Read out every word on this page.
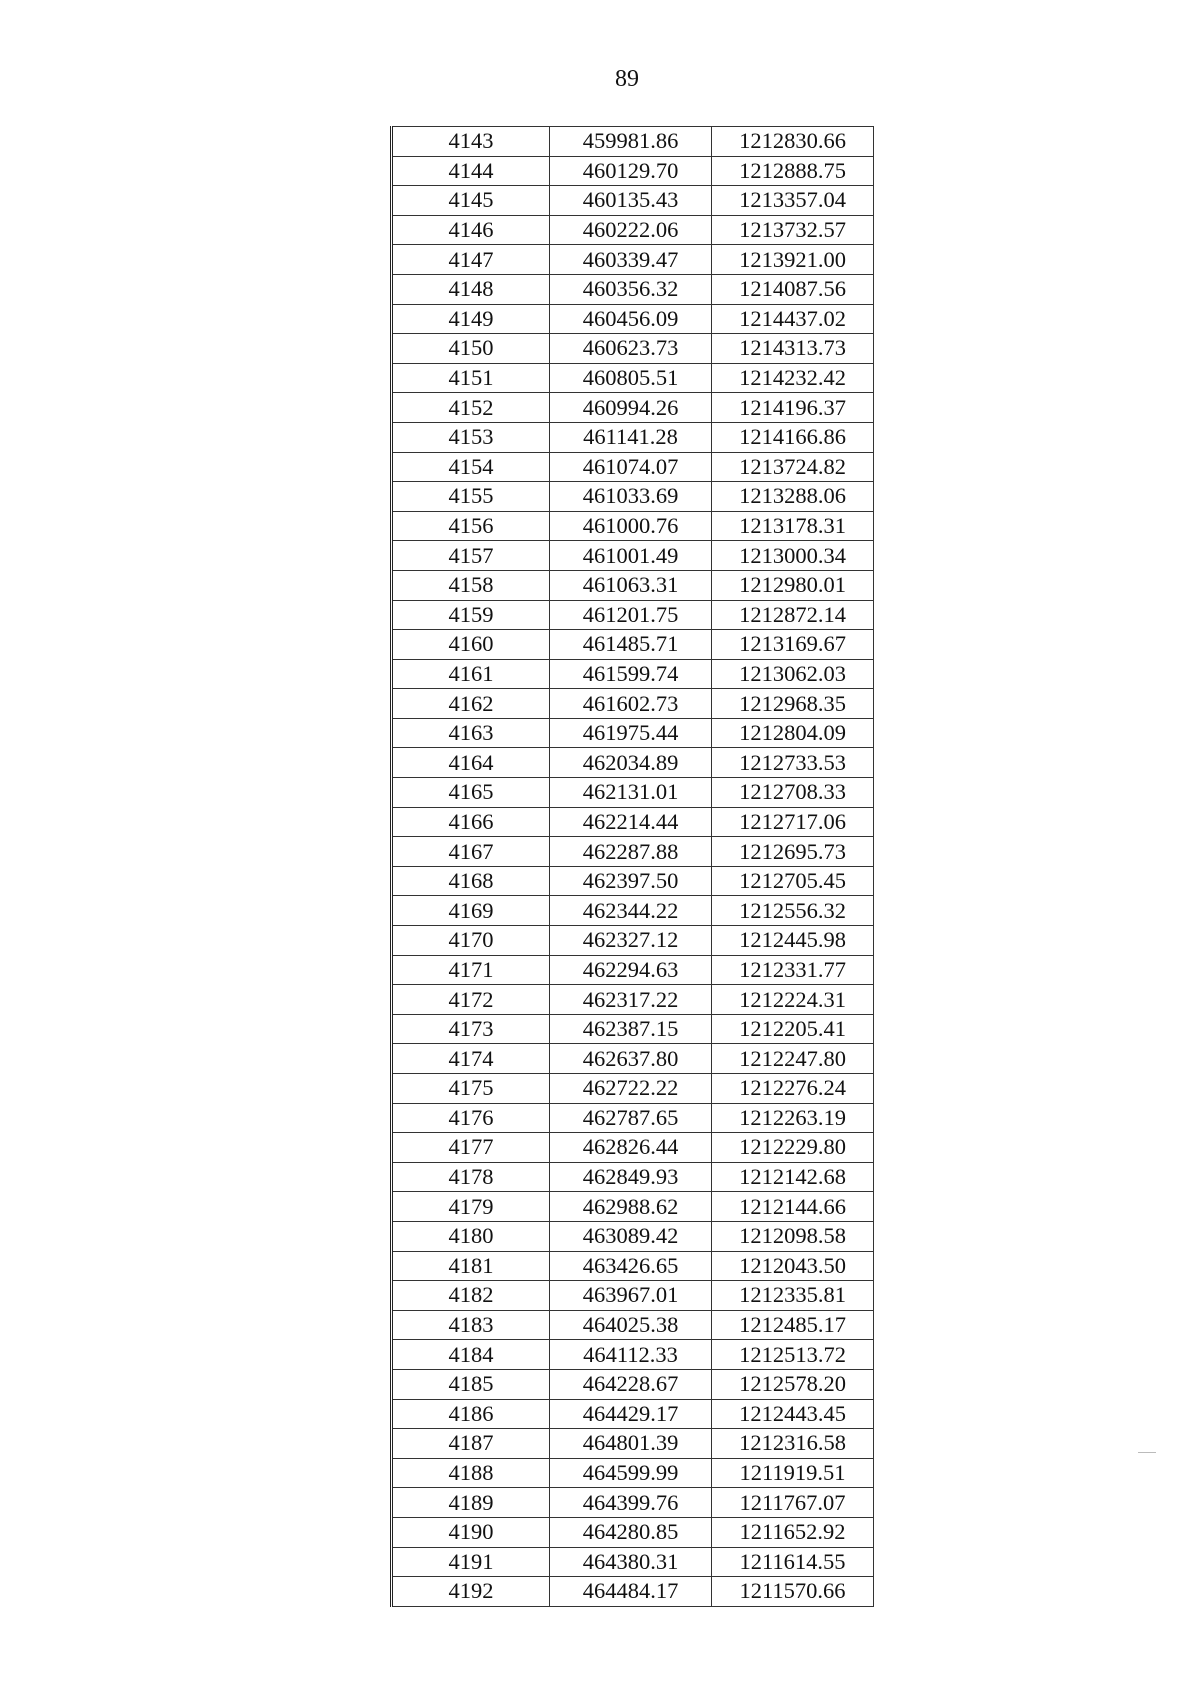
89
4143	459981.86	1212830.66
4144	460129.70	1212888.75
4145	460135.43	1213357.04
4146	460222.06	1213732.57
4147	460339.47	1213921.00
4148	460356.32	1214087.56
4149	460456.09	1214437.02
4150	460623.73	1214313.73
4151	460805.51	1214232.42
4152	460994.26	1214196.37
4153	461141.28	1214166.86
4154	461074.07	1213724.82
4155	461033.69	1213288.06
4156	461000.76	1213178.31
4157	461001.49	1213000.34
4158	461063.31	1212980.01
4159	461201.75	1212872.14
4160	461485.71	1213169.67
4161	461599.74	1213062.03
4162	461602.73	1212968.35
4163	461975.44	1212804.09
4164	462034.89	1212733.53
4165	462131.01	1212708.33
4166	462214.44	1212717.06
4167	462287.88	1212695.73
4168	462397.50	1212705.45
4169	462344.22	1212556.32
4170	462327.12	1212445.98
4171	462294.63	1212331.77
4172	462317.22	1212224.31
4173	462387.15	1212205.41
4174	462637.80	1212247.80
4175	462722.22	1212276.24
4176	462787.65	1212263.19
4177	462826.44	1212229.80
4178	462849.93	1212142.68
4179	462988.62	1212144.66
4180	463089.42	1212098.58
4181	463426.65	1212043.50
4182	463967.01	1212335.81
4183	464025.38	1212485.17
4184	464112.33	1212513.72
4185	464228.67	1212578.20
4186	464429.17	1212443.45
4187	464801.39	1212316.58
4188	464599.99	1211919.51
4189	464399.76	1211767.07
4190	464280.85	1211652.92
4191	464380.31	1211614.55
4192	464484.17	1211570.66
